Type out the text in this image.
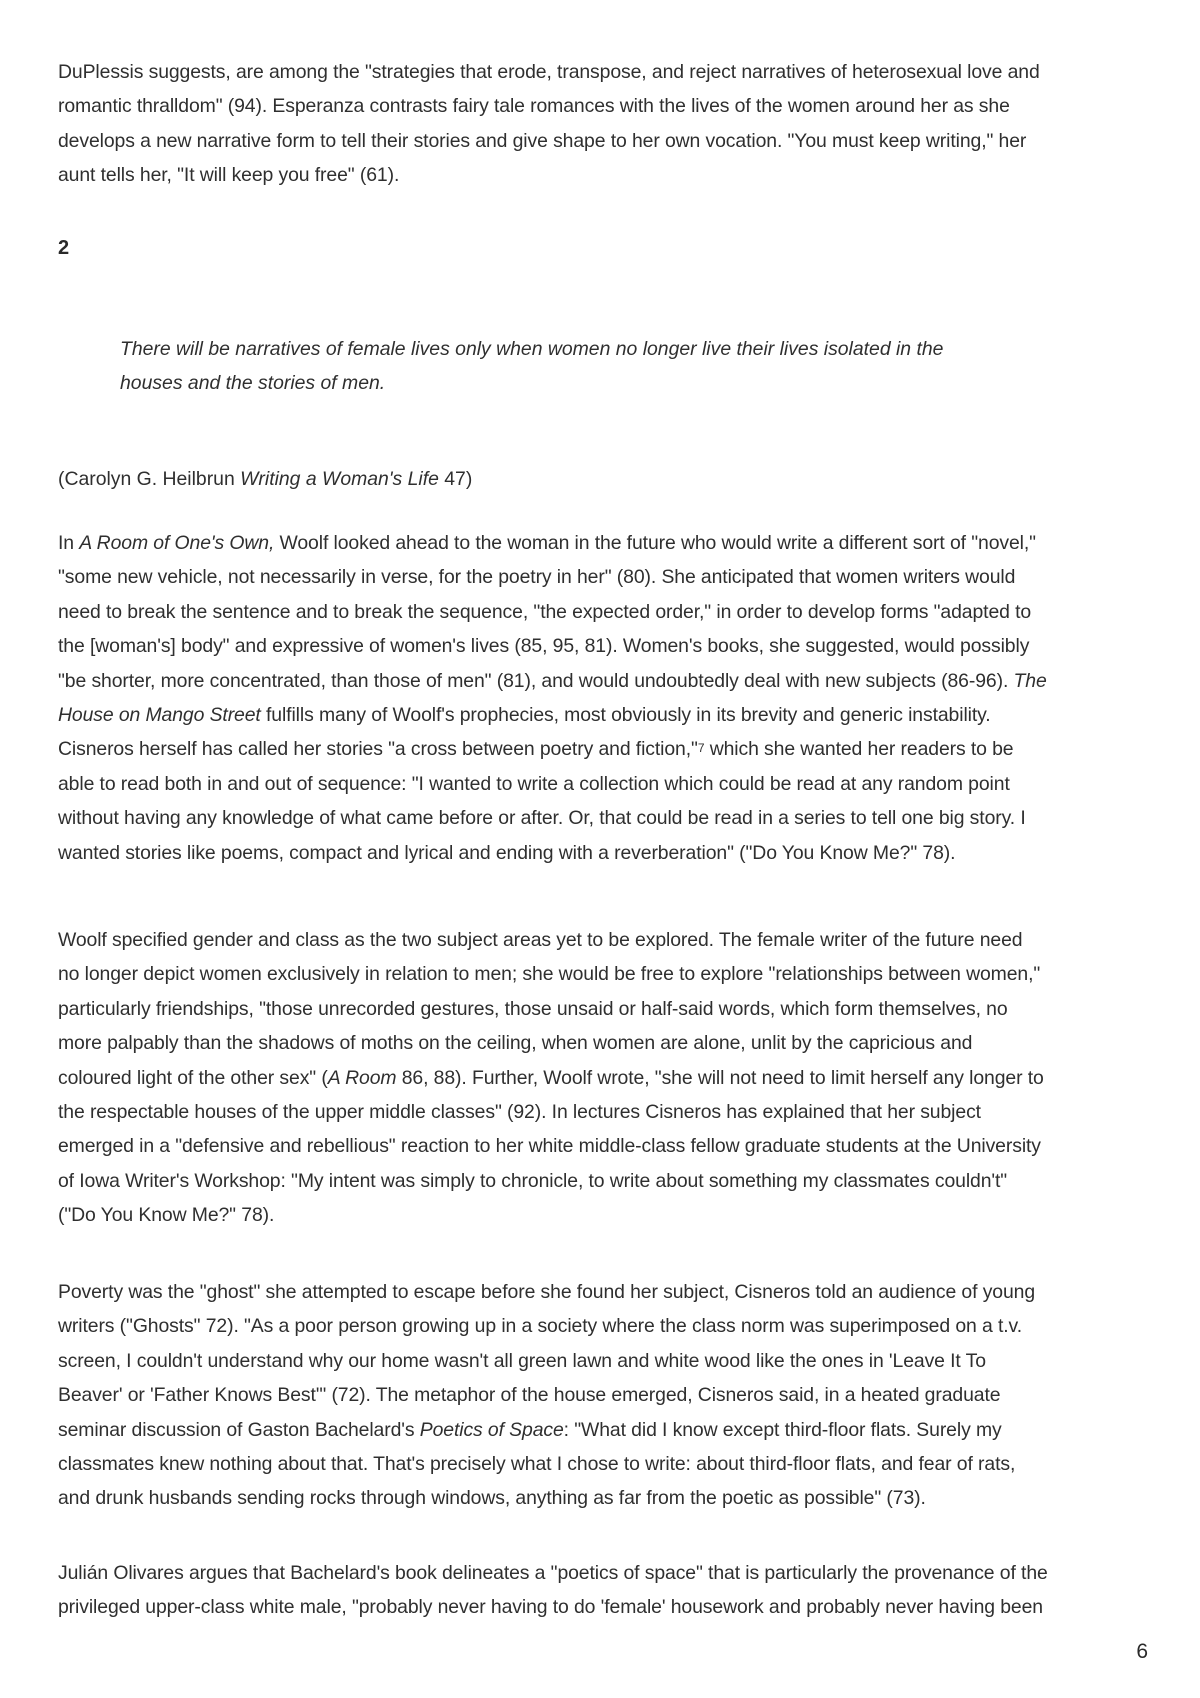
DuPlessis suggests, are among the "strategies that erode, transpose, and reject narratives of heterosexual love and
romantic thralldom" (94). Esperanza contrasts fairy tale romances with the lives of the women around her as she
develops a new narrative form to tell their stories and give shape to her own vocation. "You must keep writing," her
aunt tells her, "It will keep you free" (61).

2

There will be narratives of female lives only when women no longer live their lives isolated in the
houses and the stories of men.

(Carolyn G. Heilbrun Writing a Woman's Life 47)

In A Room of One's Own, Woolf looked ahead to the woman in the future who would write a different sort of "novel,"
"some new vehicle, not necessarily in verse, for the poetry in her" (80). She anticipated that women writers would
need to break the sentence and to break the sequence, "the expected order," in order to develop forms "adapted to
the [woman's] body" and expressive of women's lives (85, 95, 81). Women's books, she suggested, would possibly
"be shorter, more concentrated, than those of men" (81), and would undoubtedly deal with new subjects (86-96). The
House on Mango Street fulfills many of Woolf's prophecies, most obviously in its brevity and generic instability.
Cisneros herself has called her stories "a cross between poetry and fiction,"$^7$ which she wanted her readers to be
able to read both in and out of sequence: "I wanted to write a collection which could be read at any random point
without having any knowledge of what came before or after. Or, that could be read in a series to tell one big story. I
wanted stories like poems, compact and lyrical and ending with a reverberation" ("Do You Know Me?" 78).

Woolf specified gender and class as the two subject areas yet to be explored. The female writer of the future need
no longer depict women exclusively in relation to men; she would be free to explore "relationships between women,"
particularly friendships, "those unrecorded gestures, those unsaid or half-said words, which form themselves, no
more palpably than the shadows of moths on the ceiling, when women are alone, unlit by the capricious and
coloured light of the other sex" (A Room 86, 88). Further, Woolf wrote, "she will not need to limit herself any longer to
the respectable houses of the upper middle classes" (92). In lectures Cisneros has explained that her subject
emerged in a "defensive and rebellious" reaction to her white middle-class fellow graduate students at the University
of Iowa Writer's Workshop: "My intent was simply to chronicle, to write about something my classmates couldn't"
("Do You Know Me?" 78).

Poverty was the "ghost" she attempted to escape before she found her subject, Cisneros told an audience of young
writers ("Ghosts" 72). "As a poor person growing up in a society where the class norm was superimposed on a t.v.
screen, I couldn't understand why our home wasn't all green lawn and white wood like the ones in 'Leave It To
Beaver' or 'Father Knows Best'" (72). The metaphor of the house emerged, Cisneros said, in a heated graduate
seminar discussion of Gaston Bachelard's Poetics of Space: "What did I know except third-floor flats. Surely my
classmates knew nothing about that. That's precisely what I chose to write: about third-floor flats, and fear of rats,
and drunk husbands sending rocks through windows, anything as far from the poetic as possible" (73).

Julián Olivares argues that Bachelard's book delineates a "poetics of space" that is particularly the provenance of the
privileged upper-class white male, "probably never having to do 'female' housework and probably never having been

6
